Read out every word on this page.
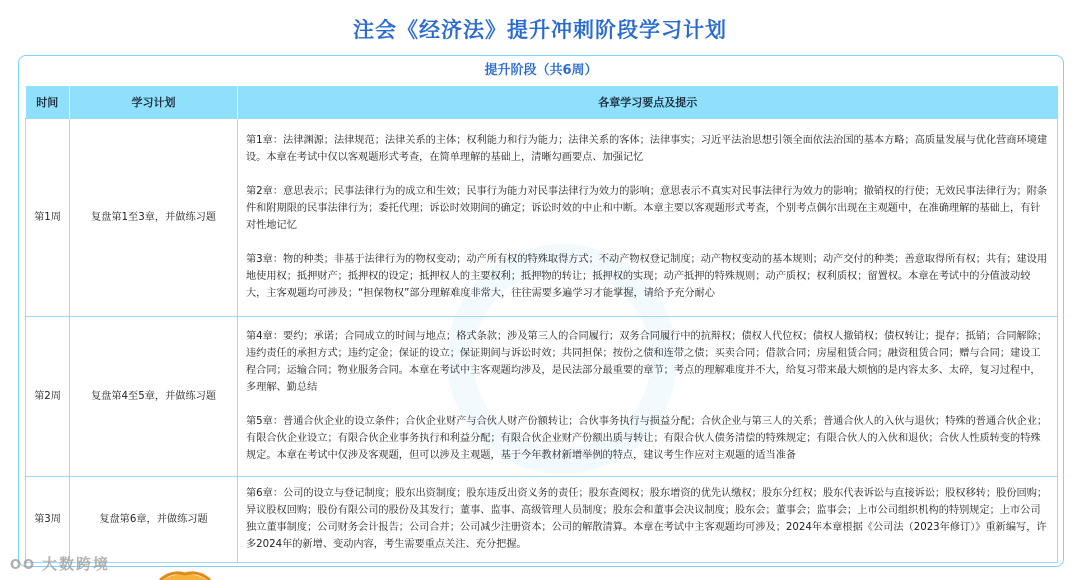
注会《经济法》提升冲刺阶段学习计划
提升阶段（共6周）
时间	学习计划	各章学习要点及提示
第1周	复盘第1至3章，并做练习题	第1章：法律渊源；法律规范；法律关系的主体；权利能力和行为能力；法律关系的客体；法律事实；习近平法治思想引领全面依法治国的基本方略；高质量发展与优化营商环境建设。本章在考试中仅以客观题形式考查，在简单理解的基础上，清晰勾画要点、加强记忆

第2章：意思表示；民事法律行为的成立和生效；民事行为能力对民事法律行为效力的影响；意思表示不真实对民事法律行为效力的影响；撤销权的行使；无效民事法律行为；附条件和附期限的民事法律行为；委托代理；诉讼时效期间的确定；诉讼时效的中止和中断。本章主要以客观题形式考查，个别考点偶尔出现在主观题中，在准确理解的基础上，有针对性地记忆

第3章：物的种类；非基于法律行为的物权变动；动产所有权的特殊取得方式；不动产物权登记制度；动产物权变动的基本规则；动产交付的种类；善意取得所有权；共有；建设用地使用权；抵押财产；抵押权的设定；抵押权人的主要权利；抵押物的转让；抵押权的实现；动产抵押的特殊规则；动产质权；权利质权；留置权。本章在考试中的分值波动较大，主客观题均可涉及；“担保物权”部分理解难度非常大，往往需要多遍学习才能掌握，请给予充分耐心

第2周	复盘第4至5章，并做练习题	第4章：要约；承诺；合同成立的时间与地点；格式条款；涉及第三人的合同履行；双务合同履行中的抗辩权；债权人代位权；债权人撤销权；债权转让；提存；抵销；合同解除；违约责任的承担方式；违约定金；保证的设立；保证期间与诉讼时效；共同担保；按份之债和连带之债；买卖合同；借款合同；房屋租赁合同；融资租赁合同；赠与合同；建设工程合同；运输合同；物业服务合同。本章在考试中主客观题均涉及，是民法部分最重要的章节；考点的理解难度并不大，给复习带来最大烦恼的是内容太多、太碎，复习过程中，多理解、勤总结

第5章：普通合伙企业的设立条件；合伙企业财产与合伙人财产份额转让；合伙事务执行与损益分配；合伙企业与第三人的关系；普通合伙人的入伙与退伙；特殊的普通合伙企业；有限合伙企业设立；有限合伙企业事务执行和利益分配；有限合伙企业财产份额出质与转让；有限合伙人债务清偿的特殊规定；有限合伙人的入伙和退伙；合伙人性质转变的特殊规定。本章在考试中仅涉及客观题，但可以涉及主观题，基于今年教材新增举例的特点，建议考生作应对主观题的适当准备

第3周	复盘第6章，并做练习题	第6章：公司的设立与登记制度；股东出资制度；股东违反出资义务的责任；股东查阅权；股东增资的优先认缴权；股东分红权；股东代表诉讼与直接诉讼；股权移转；股份回购；异议股权回购；股份有限公司的股份及其发行；董事、监事、高级管理人员制度；股东会和董事会决议制度；股东会；董事会；监事会；上市公司组织机构的特别规定；上市公司独立董事制度；公司财务会计报告；公司合并；公司减少注册资本；公司的解散清算。本章在考试中主客观题均可涉及；2024年本章根据《公司法（2023年修订）》重新编写，许多2024年的新增、变动内容，考生需要重点关注、充分把握。

OO 大数跨境
